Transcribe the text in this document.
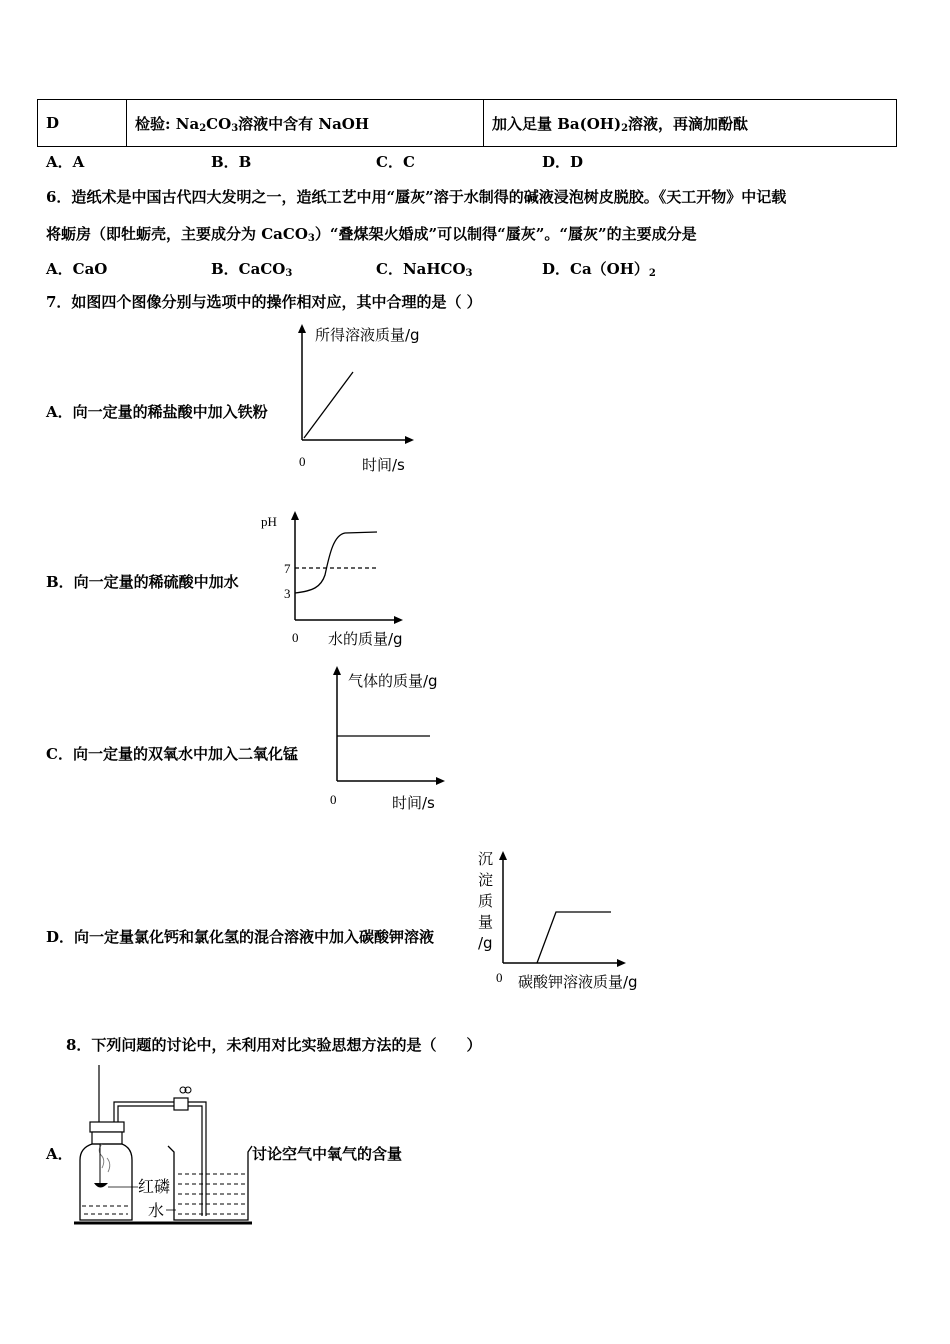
D	检验: $Na_2CO_3$溶液中含有 NaOH	加入足量 $Ba(OH)_2$溶液，再滴加酚酞
A．A	B．B	C．C	D．D
6．造纸术是中国古代四大发明之一，造纸工艺中用“蜃灰”溶于水制得的碱液浸泡树皮脱胶。《天工开物》中记载
将蛎房（即牡蛎壳，主要成分为 CaCO$_3$）“叠煤架火婚成”可以制得“蜃灰”。“蜃灰”的主要成分是
A．CaO	B．CaCO$_3$	C．NaHCO$_3$	D．$Ca(OH)_2$
7．如图四个图像分别与选项中的操作相对应，其中合理的是（ ）
A．向一定量的稀盐酸中加入铁粉
所得溶液质量/g
0	时间/s
B．向一定量的稀硫酸中加水
pH
7
3
0 水的质量/g
C．向一定量的双氧水中加入二氧化锰
气体的质量/g
0	时间/s
D．向一定量氯化钙和氯化氢的混合溶液中加入碳酸钾溶液
沉
淀
质
量
/g
0 碳酸钾溶液质量/g
8．下列问题的讨论中，未利用对比实验思想方法的是（　　）
A．	讨论空气中氧气的含量
红磷
水
